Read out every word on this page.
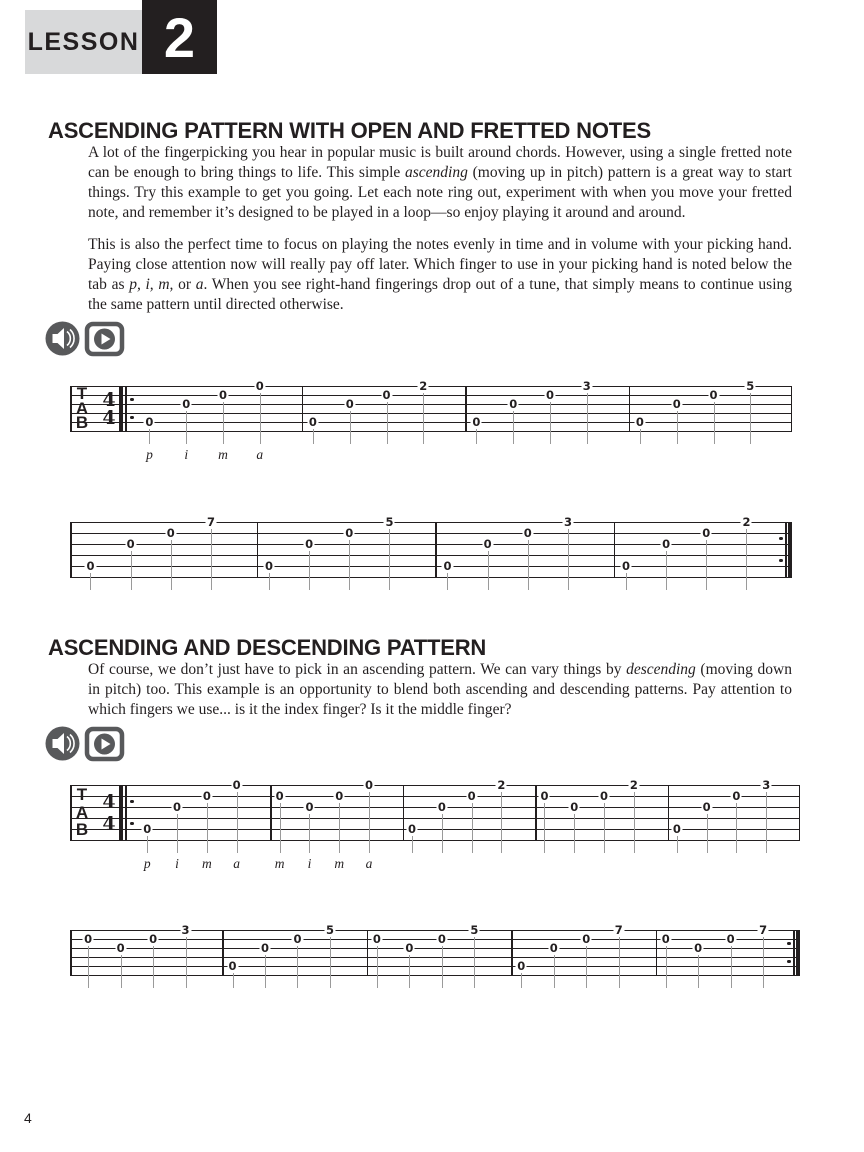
LESSON 2
ASCENDING PATTERN WITH OPEN AND FRETTED NOTES

A lot of the fingerpicking you hear in popular music is built around chords. However, using a single fretted note can be enough to bring things to life. This simple ascending (moving up in pitch) pattern is a great way to start things. Try this example to get you going. Let each note ring out, experiment with when you move your fretted note, and remember it’s designed to be played in a loop—so enjoy playing it around and around.

This is also the perfect time to focus on playing the notes evenly in time and in volume with your picking hand. Paying close attention now will really pay off later. Which finger to use in your picking hand is noted below the tab as p, i, m, or a. When you see right-hand fingerings drop out of a tune, that simply means to continue using the same pattern until directed otherwise.

T
A
B
4
4	0
p
0
i
0
m
0
a
0
0
0
2
0
0
0
3
0
0
0
5
0
0
0
7
0
0
0
5
0
0
0
3
0
0
0
2
T
A
B
4
4 0
p
0
i
0
m
0
a
0
m
0
i
0
m
0
a
0
0
0
2
0
0
0
2
0
0
0
3
0
0
0
3
0
0
0
5
0
0
0
5
0
0
0
7
0
0
0
7
ASCENDING AND DESCENDING PATTERN

Of course, we don’t just have to pick in an ascending pattern. We can vary things by descending (moving down in pitch) too. This example is an opportunity to blend both ascending and descending patterns. Pay attention to which fingers we use... is it the index finger? Is it the middle finger?

4
